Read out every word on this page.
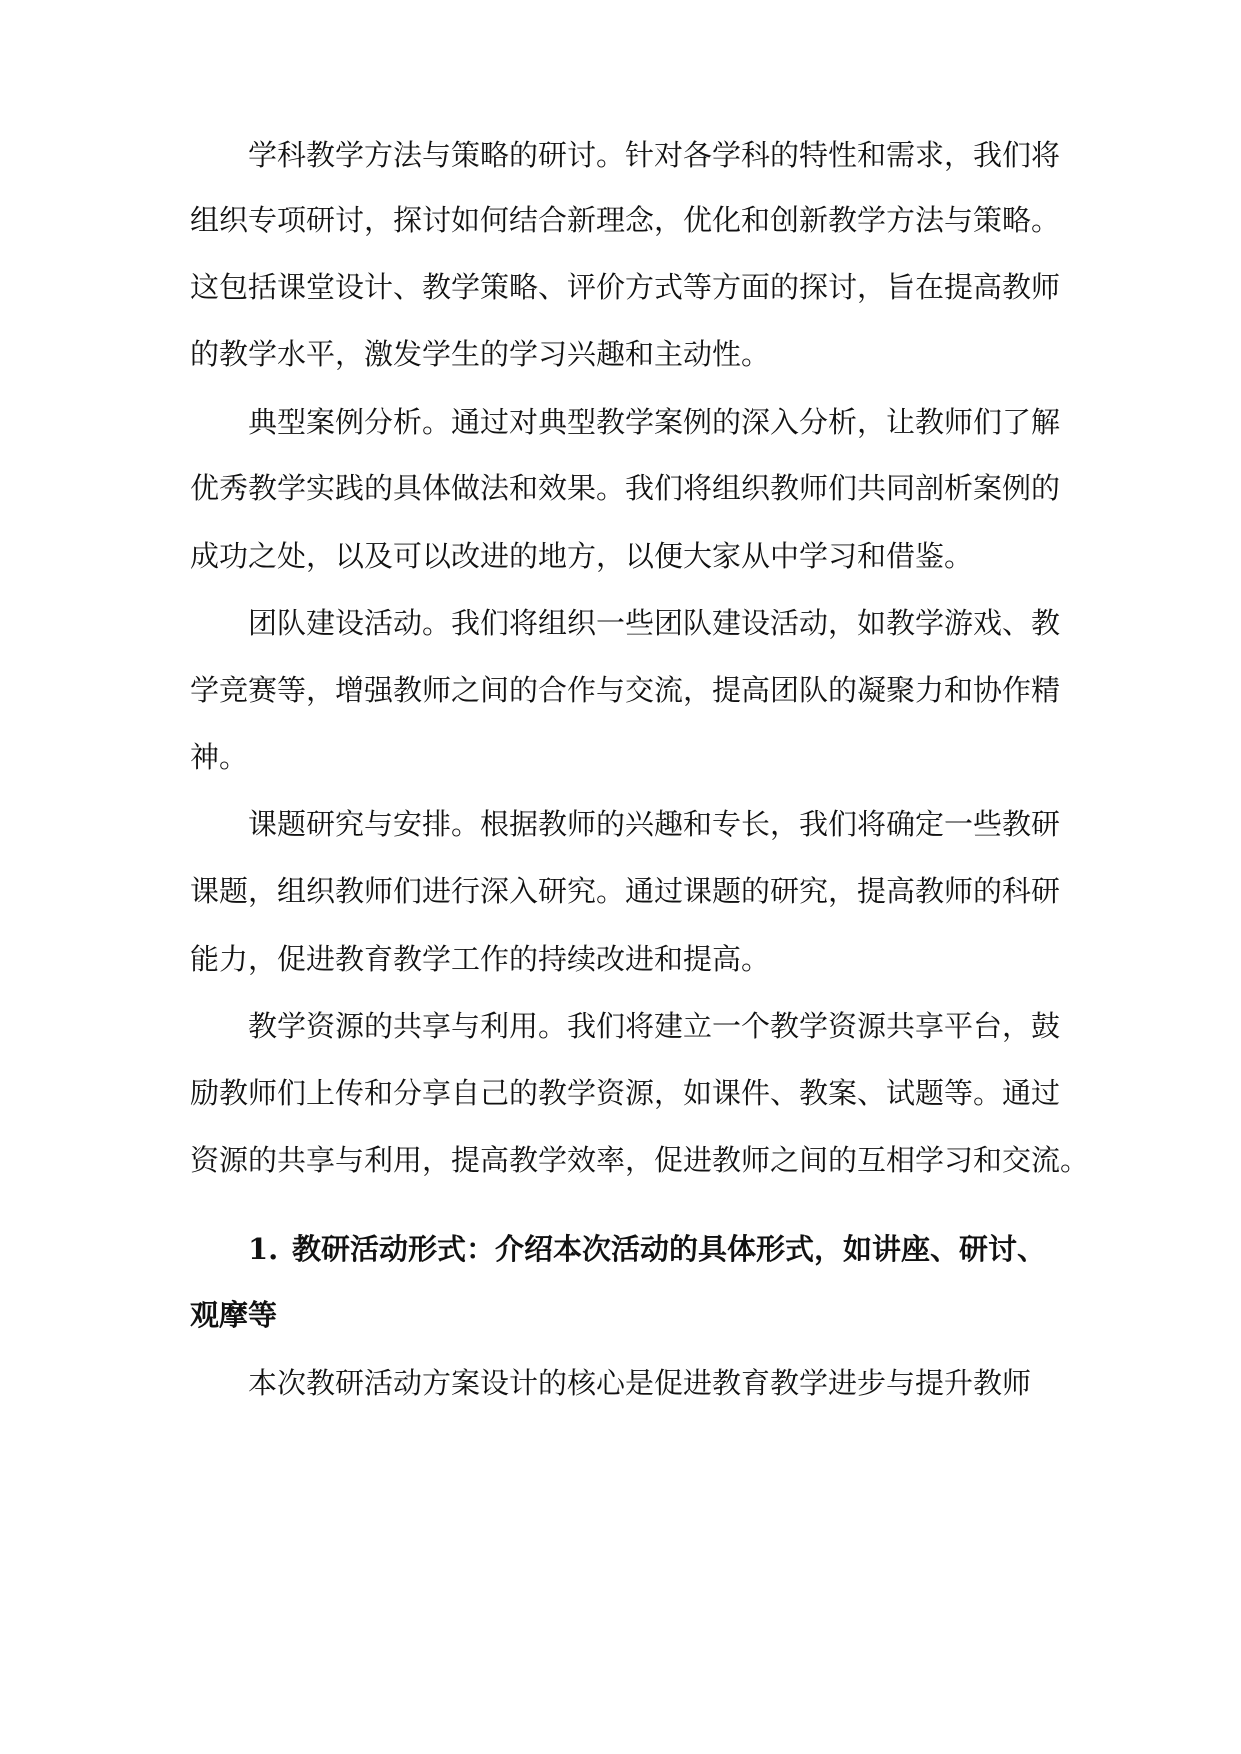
学科教学方法与策略的研讨。针对各学科的特性和需求，我们将
组织专项研讨，探讨如何结合新理念，优化和创新教学方法与策略。
这包括课堂设计、教学策略、评价方式等方面的探讨，旨在提高教师
的教学水平，激发学生的学习兴趣和主动性。
典型案例分析。通过对典型教学案例的深入分析，让教师们了解
优秀教学实践的具体做法和效果。我们将组织教师们共同剖析案例的
成功之处，以及可以改进的地方，以便大家从中学习和借鉴。
团队建设活动。我们将组织一些团队建设活动，如教学游戏、教
学竞赛等，增强教师之间的合作与交流，提高团队的凝聚力和协作精
神。
课题研究与安排。根据教师的兴趣和专长，我们将确定一些教研
课题，组织教师们进行深入研究。通过课题的研究，提高教师的科研
能力，促进教育教学工作的持续改进和提高。
教学资源的共享与利用。我们将建立一个教学资源共享平台，鼓
励教师们上传和分享自己的教学资源，如课件、教案、试题等。通过
资源的共享与利用，提高教学效率，促进教师之间的互相学习和交流。
1. 教研活动形式：介绍本次活动的具体形式，如讲座、研讨、
观摩等
本次教研活动方案设计的核心是促进教育教学进步与提升教师
